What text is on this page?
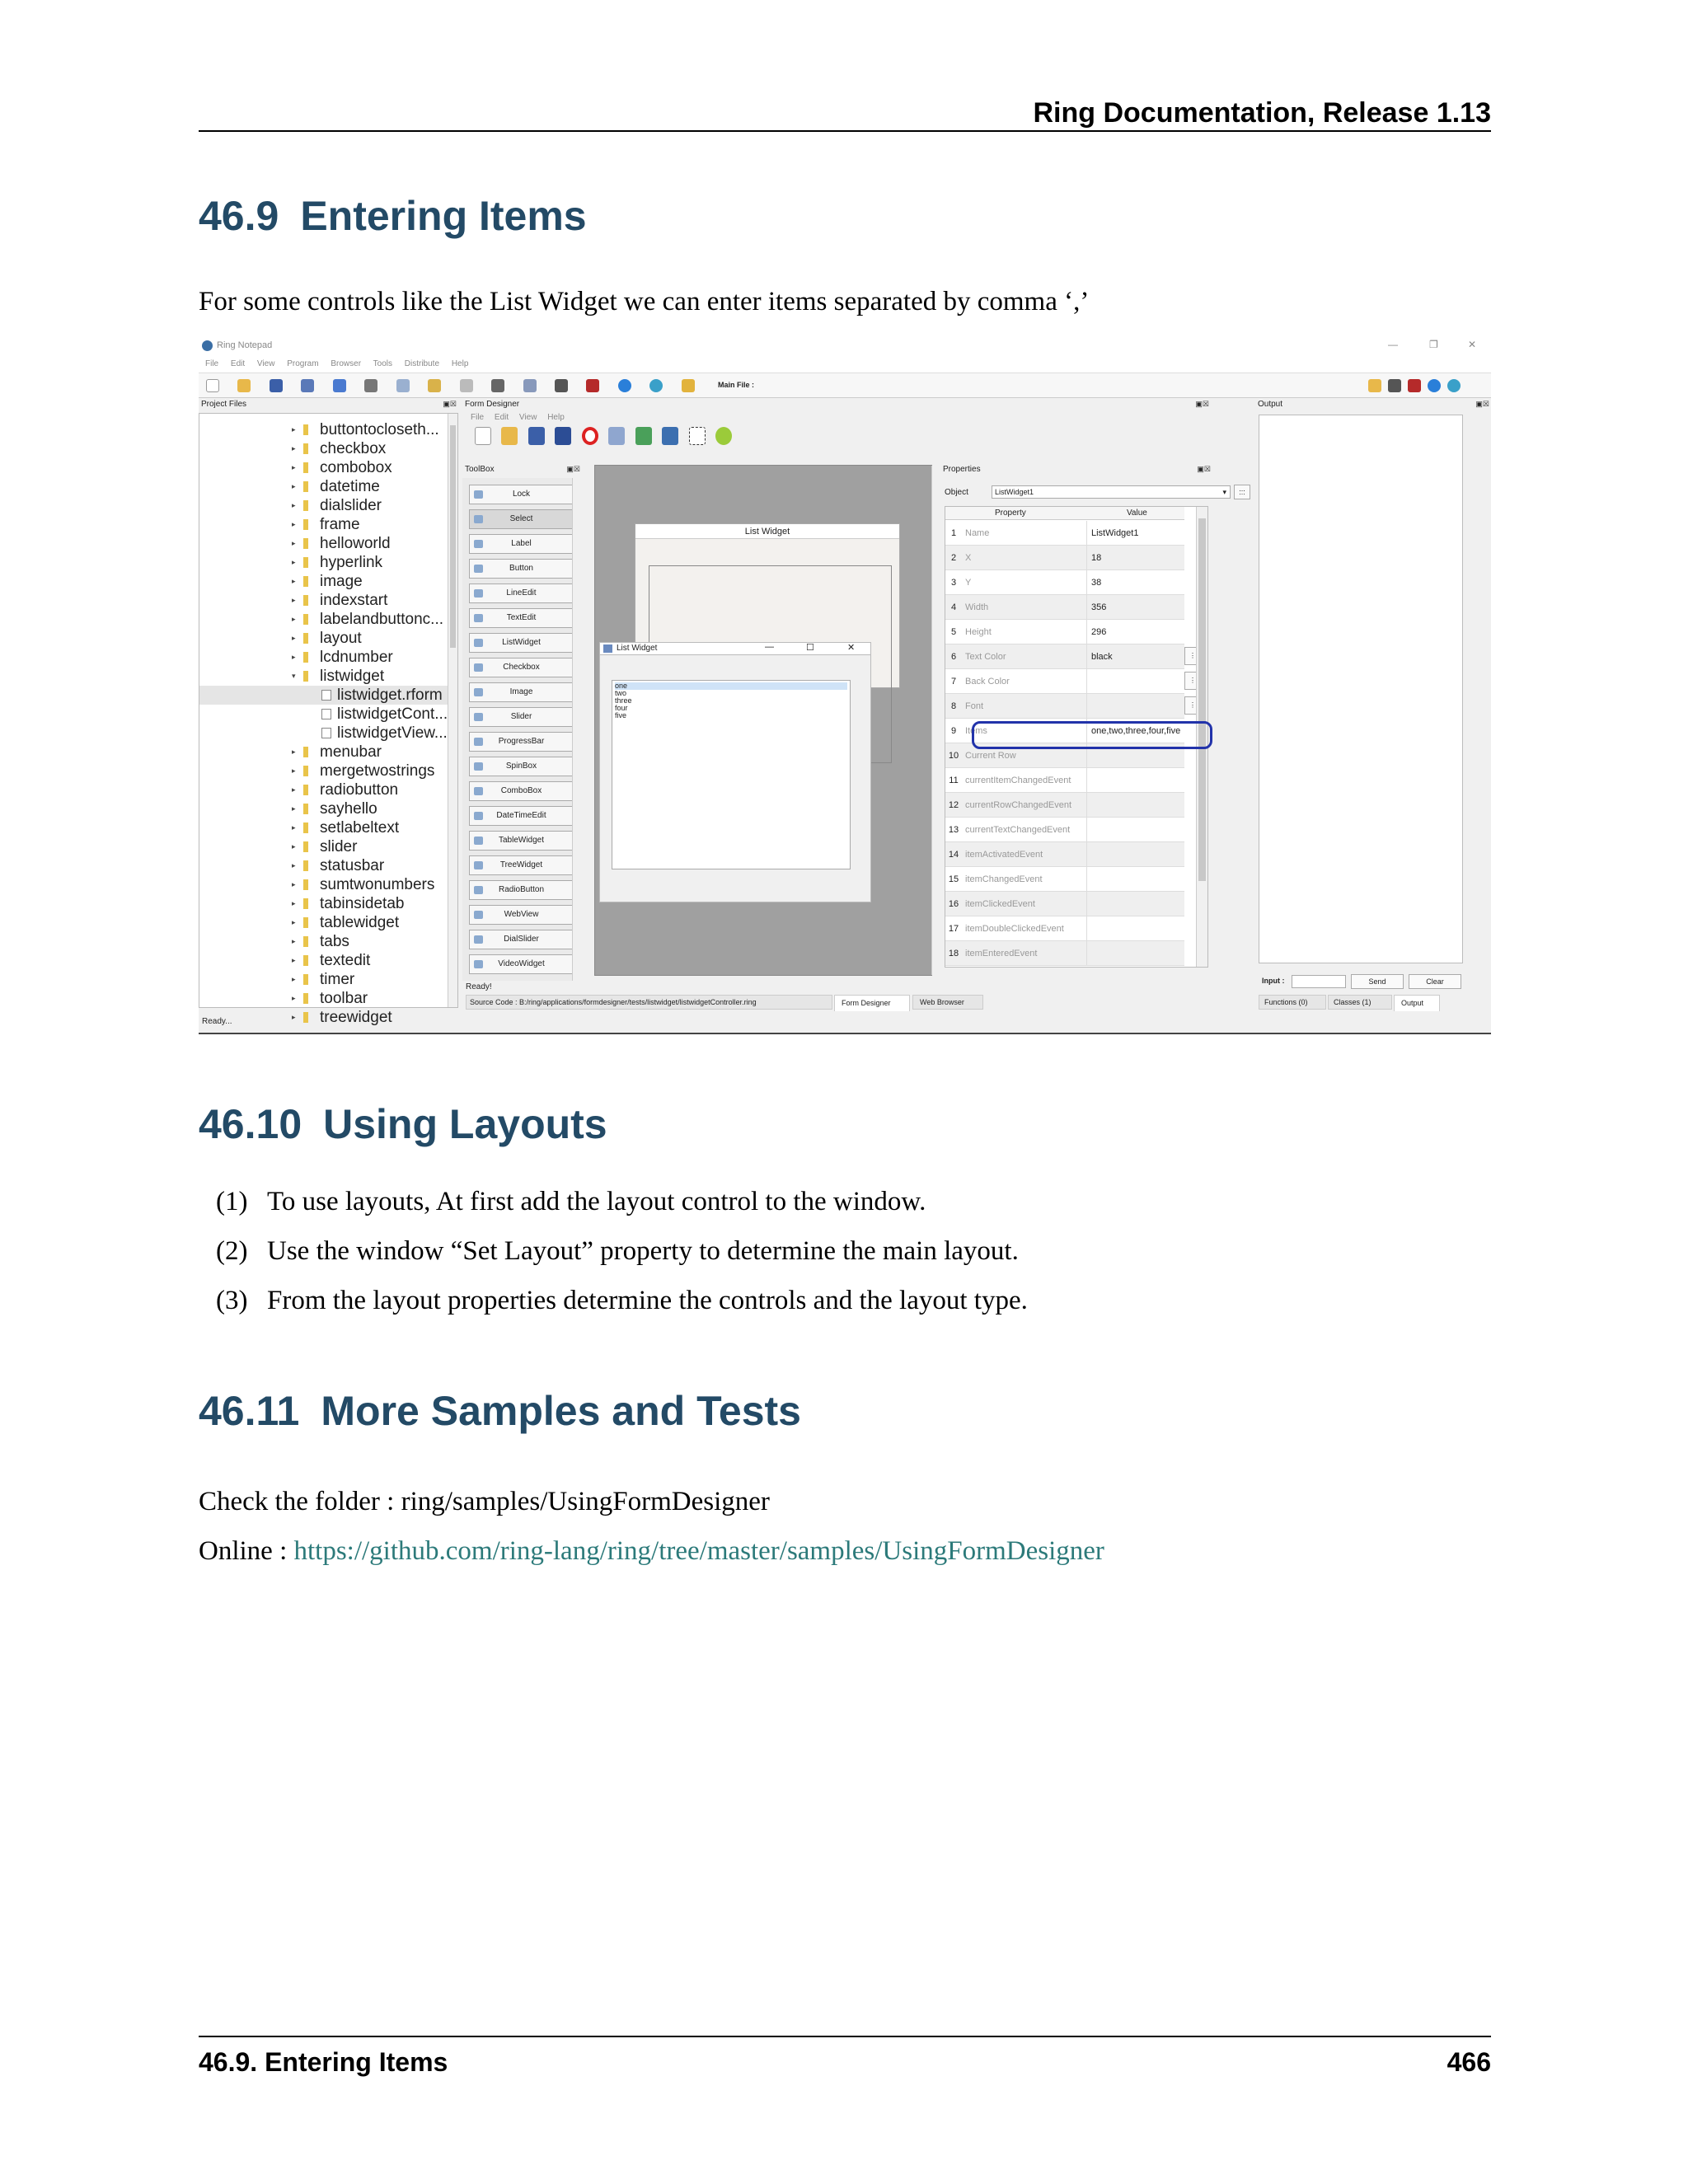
Ring Documentation, Release 1.13
46.9 Entering Items

For some controls like the List Widget we can enter items separated by comma ‘,’

Ring Notepad	—	❐	✕
File Edit View Program Browser Tools Distribute Help

Main File :
Project Files	▣☒
▸ buttontocloseth...
▸ checkbox
▸ combobox
▸ datetime
▸ dialslider
▸ frame
▸ helloworld
▸ hyperlink
▸ image
▸ indexstart
▸ labelandbuttonc...
▸ layout
▸ lcdnumber
▾ listwidget
listwidget.rform
listwidgetCont...
listwidgetView...
▸ menubar
▸ mergetwostrings
▸ radiobutton
▸ sayhello
▸ setlabeltext
▸ slider
▸ statusbar
▸ sumtwonumbers
▸ tabinsidetab
▸ tablewidget
▸ tabs
▸ textedit
▸ timer
▸ toolbar
▸ treewidget
Ready...
Form Designer	▣☒
File Edit View Help

ToolBox	▣☒
Lock
Select
Label
Button
LineEdit
TextEdit
ListWidget
Checkbox
Image
Slider
ProgressBar
SpinBox
ComboBox
DateTimeEdit
TableWidget
TreeWidget
RadioButton
WebView
DialSlider
VideoWidget
List Widget
List Widget	—	☐	✕
one
two
three
four
five
Properties	▣☒
Object	ListWidget1	▾	:::
Property	Value
1 Name	ListWidget1
2 X	18
3 Y	38
4 Width	356
5 Height	296
6 Text Color	black	⋮
7 Back Color	⋮
8 Font	⋮
9 Items	one,two,three,four,five
10 Current Row
11 currentItemChangedEvent
12 currentRowChangedEvent
13 currentTextChangedEvent
14 itemActivatedEvent
15 itemChangedEvent
16 itemClickedEvent
17 itemDoubleClickedEvent
18 itemEnteredEvent
Ready!
Source Code : B:/ring/applications/formdesigner/tests/listwidget/listwidgetController.ring	Form Designer	Web Browser
Output	▣☒
Input :	Send	Clear
Functions (0)	Classes (1)	Output
46.10 Using Layouts
(1) To use layouts, At first add the layout control to the window.
(2) Use the window “Set Layout” property to determine the main layout.
(3) From the layout properties determine the controls and the layout type.
46.11 More Samples and Tests

Check the folder : ring/samples/UsingFormDesigner

Online : https://github.com/ring-lang/ring/tree/master/samples/UsingFormDesigner

46.9. Entering Items	466
